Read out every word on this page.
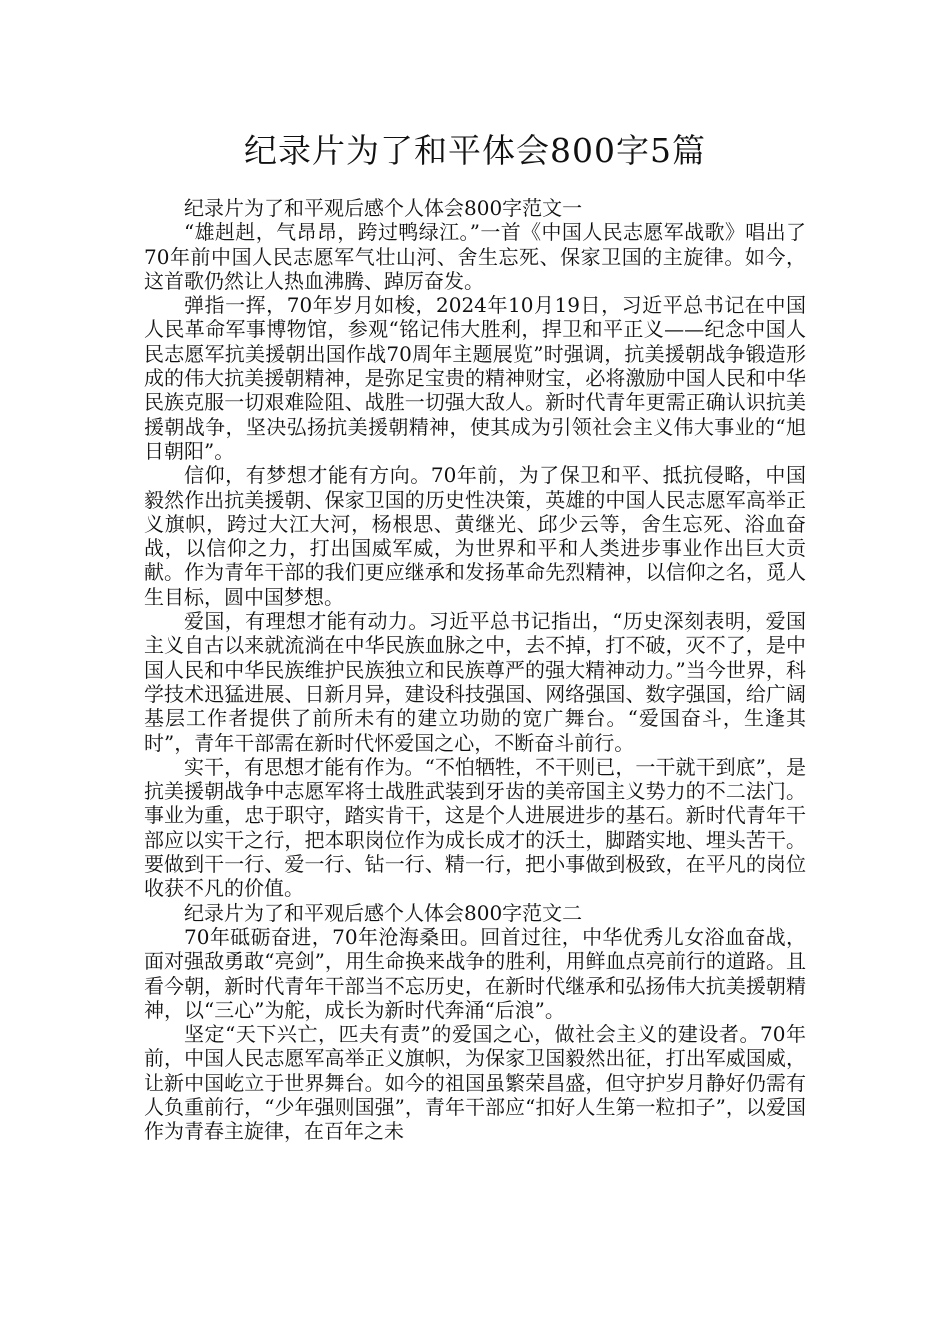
纪录片为了和平体会800字5篇

纪录片为了和平观后感个人体会800字范文一

“雄赳赳，气昂昂，跨过鸭绿江。”一首《中国人民志愿军战歌》唱出了70年前中国人民志愿军气壮山河、舍生忘死、保家卫国的主旋律。如今，这首歌仍然让人热血沸腾、踔厉奋发。

弹指一挥，70年岁月如梭，2024年10月19日，习近平总书记在中国人民革命军事博物馆，参观“铭记伟大胜利，捍卫和平正义——纪念中国人民志愿军抗美援朝出国作战70周年主题展览”时强调，抗美援朝战争锻造形成的伟大抗美援朝精神，是弥足宝贵的精神财宝，必将激励中国人民和中华民族克服一切艰难险阻、战胜一切强大敌人。新时代青年更需正确认识抗美援朝战争，坚决弘扬抗美援朝精神，使其成为引领社会主义伟大事业的“旭日朝阳”。

信仰，有梦想才能有方向。70年前，为了保卫和平、抵抗侵略，中国毅然作出抗美援朝、保家卫国的历史性决策，英雄的中国人民志愿军高举正义旗帜，跨过大江大河，杨根思、黄继光、邱少云等，舍生忘死、浴血奋战，以信仰之力，打出国威军威，为世界和平和人类进步事业作出巨大贡献。作为青年干部的我们更应继承和发扬革命先烈精神，以信仰之名，觅人生目标，圆中国梦想。

爱国，有理想才能有动力。习近平总书记指出，“历史深刻表明，爱国主义自古以来就流淌在中华民族血脉之中，去不掉，打不破，灭不了，是中国人民和中华民族维护民族独立和民族尊严的强大精神动力。”当今世界，科学技术迅猛进展、日新月异，建设科技强国、网络强国、数字强国，给广阔基层工作者提供了前所未有的建立功勋的宽广舞台。“爱国奋斗，生逢其时”，青年干部需在新时代怀爱国之心，不断奋斗前行。

实干，有思想才能有作为。“不怕牺牲，不干则已，一干就干到底”，是抗美援朝战争中志愿军将士战胜武装到牙齿的美帝国主义势力的不二法门。事业为重，忠于职守，踏实肯干，这是个人进展进步的基石。新时代青年干部应以实干之行，把本职岗位作为成长成才的沃土，脚踏实地、埋头苦干。要做到干一行、爱一行、钻一行、精一行，把小事做到极致，在平凡的岗位收获不凡的价值。

纪录片为了和平观后感个人体会800字范文二

70年砥砺奋进，70年沧海桑田。回首过往，中华优秀儿女浴血奋战，面对强敌勇敢“亮剑”，用生命换来战争的胜利，用鲜血点亮前行的道路。且看今朝，新时代青年干部当不忘历史，在新时代继承和弘扬伟大抗美援朝精神，以“三心”为舵，成长为新时代奔涌“后浪”。

坚定“天下兴亡，匹夫有责”的爱国之心，做社会主义的建设者。70年前，中国人民志愿军高举正义旗帜，为保家卫国毅然出征，打出军威国威，让新中国屹立于世界舞台。如今的祖国虽繁荣昌盛，但守护岁月静好仍需有人负重前行，“少年强则国强”，青年干部应“扣好人生第一粒扣子”，以爱国作为青春主旋律，在百年之未
